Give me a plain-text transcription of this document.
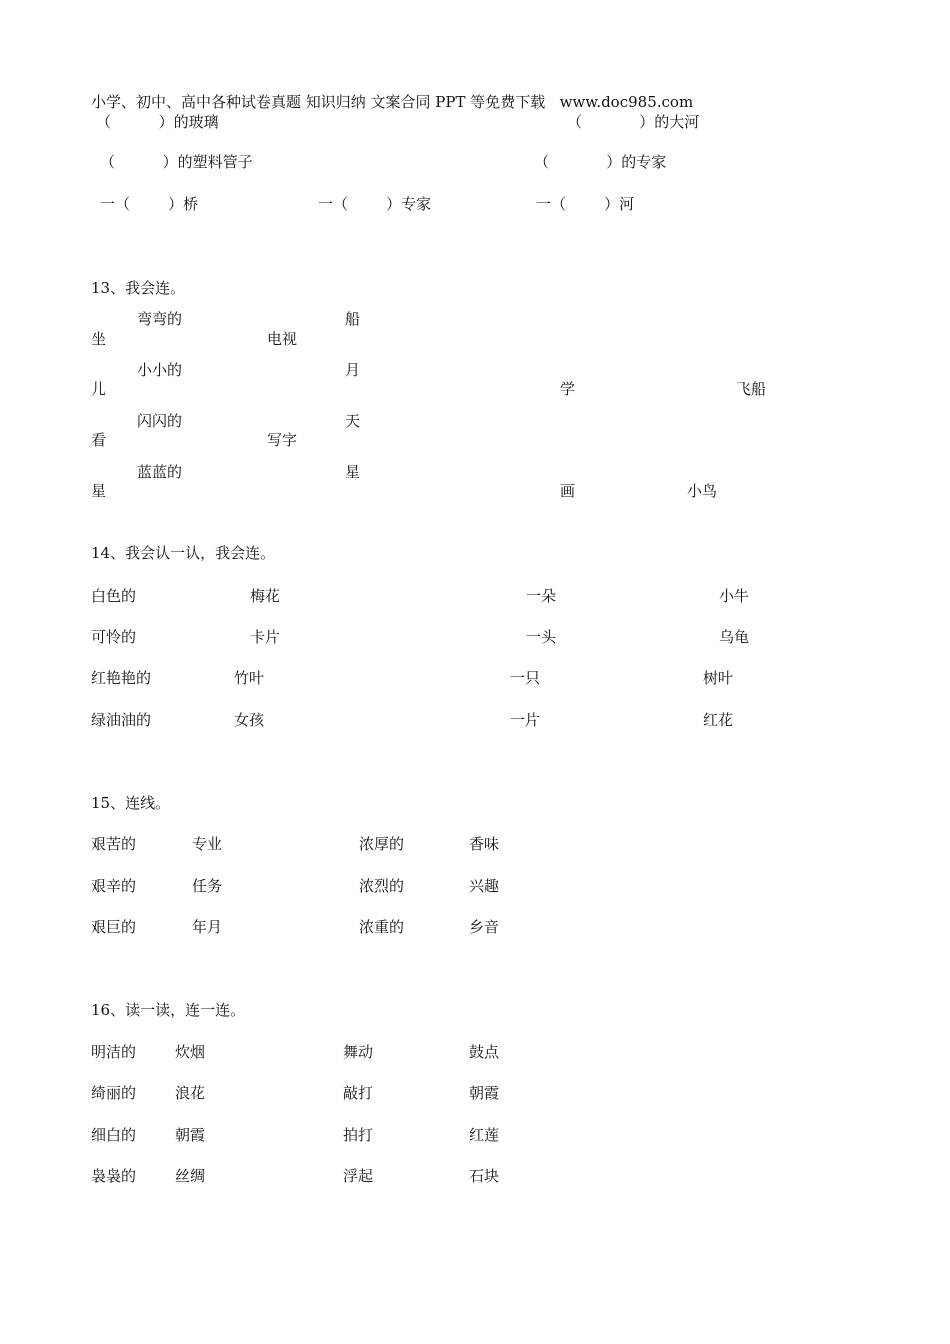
小学、初中、高中各种试卷真题 知识归纳 文案合同 PPT 等免费下载   www.doc985.com
（          ）的玻璃	（            ）的大河
（          ）的塑料管子	（            ）的专家
一（        ）桥	一（        ）专家	一（        ）河
13、我会连。
弯弯的	船
坐	电视
小小的	月
儿	学	飞船
闪闪的	天
看	写字
蓝蓝的	星
星	画	小鸟
14、我会认一认，我会连。
白色的	梅花	一朵	小牛
可怜的	卡片	一头	乌龟
红艳艳的	竹叶	一只	树叶
绿油油的	女孩	一片	红花
15、连线。
艰苦的	专业	浓厚的	香味
艰辛的	任务	浓烈的	兴趣
艰巨的	年月	浓重的	乡音
16、读一读，连一连。
明洁的	炊烟	舞动	鼓点
绮丽的	浪花	敲打	朝霞
细白的	朝霞	拍打	红莲
袅袅的	丝绸	浮起	石块
